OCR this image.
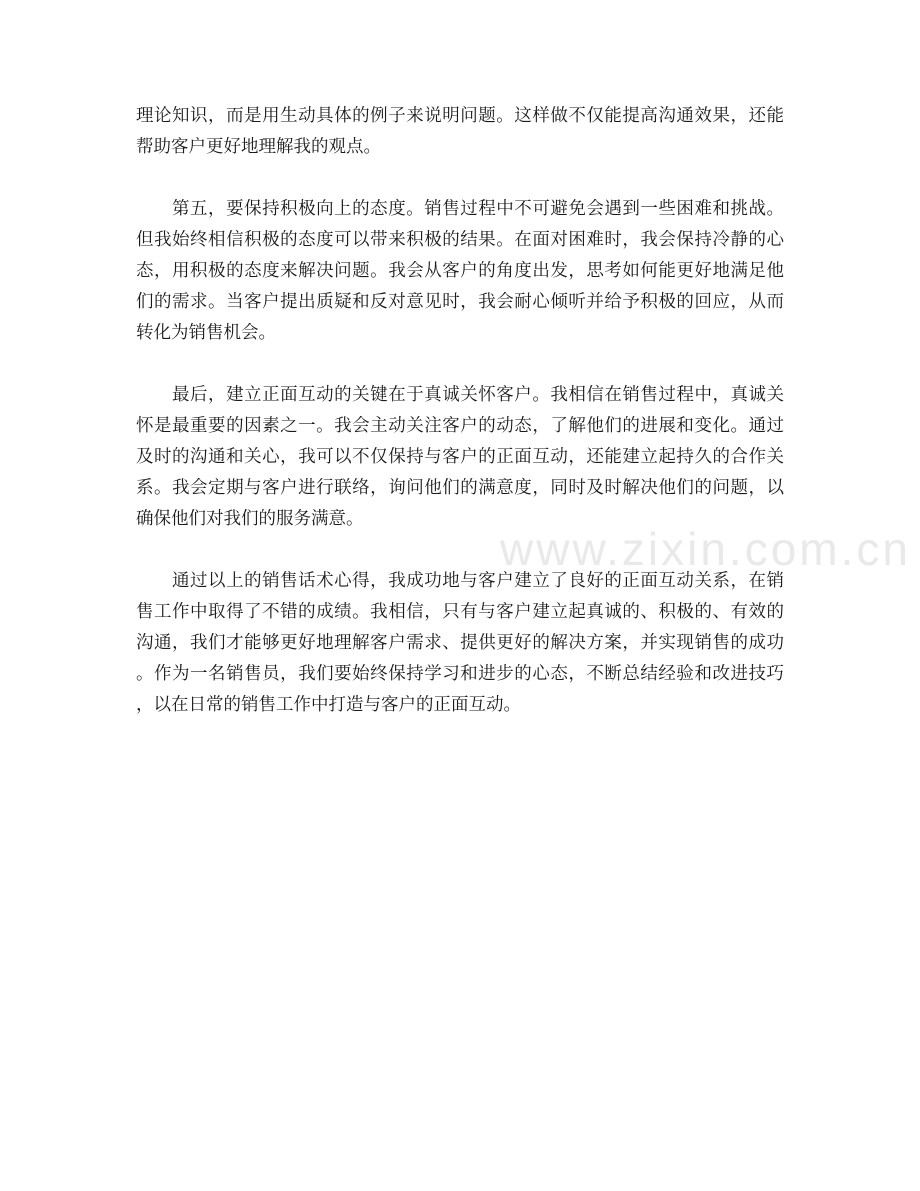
www.zixin.com.cn

理论知识，而是用生动具体的例子来说明问题。这样做不仅能提高沟通效果，还能
帮助客户更好地理解我的观点。

　　第五，要保持积极向上的态度。销售过程中不可避免会遇到一些困难和挑战。
但我始终相信积极的态度可以带来积极的结果。在面对困难时，我会保持冷静的心
态，用积极的态度来解决问题。我会从客户的角度出发，思考如何能更好地满足他
们的需求。当客户提出质疑和反对意见时，我会耐心倾听并给予积极的回应，从而
转化为销售机会。

　　最后，建立正面互动的关键在于真诚关怀客户。我相信在销售过程中，真诚关
怀是最重要的因素之一。我会主动关注客户的动态，了解他们的进展和变化。通过
及时的沟通和关心，我可以不仅保持与客户的正面互动，还能建立起持久的合作关
系。我会定期与客户进行联络，询问他们的满意度，同时及时解决他们的问题，以
确保他们对我们的服务满意。

　　通过以上的销售话术心得，我成功地与客户建立了良好的正面互动关系，在销
售工作中取得了不错的成绩。我相信，只有与客户建立起真诚的、积极的、有效的
沟通，我们才能够更好地理解客户需求、提供更好的解决方案，并实现销售的成功
。作为一名销售员，我们要始终保持学习和进步的心态，不断总结经验和改进技巧
，以在日常的销售工作中打造与客户的正面互动。
